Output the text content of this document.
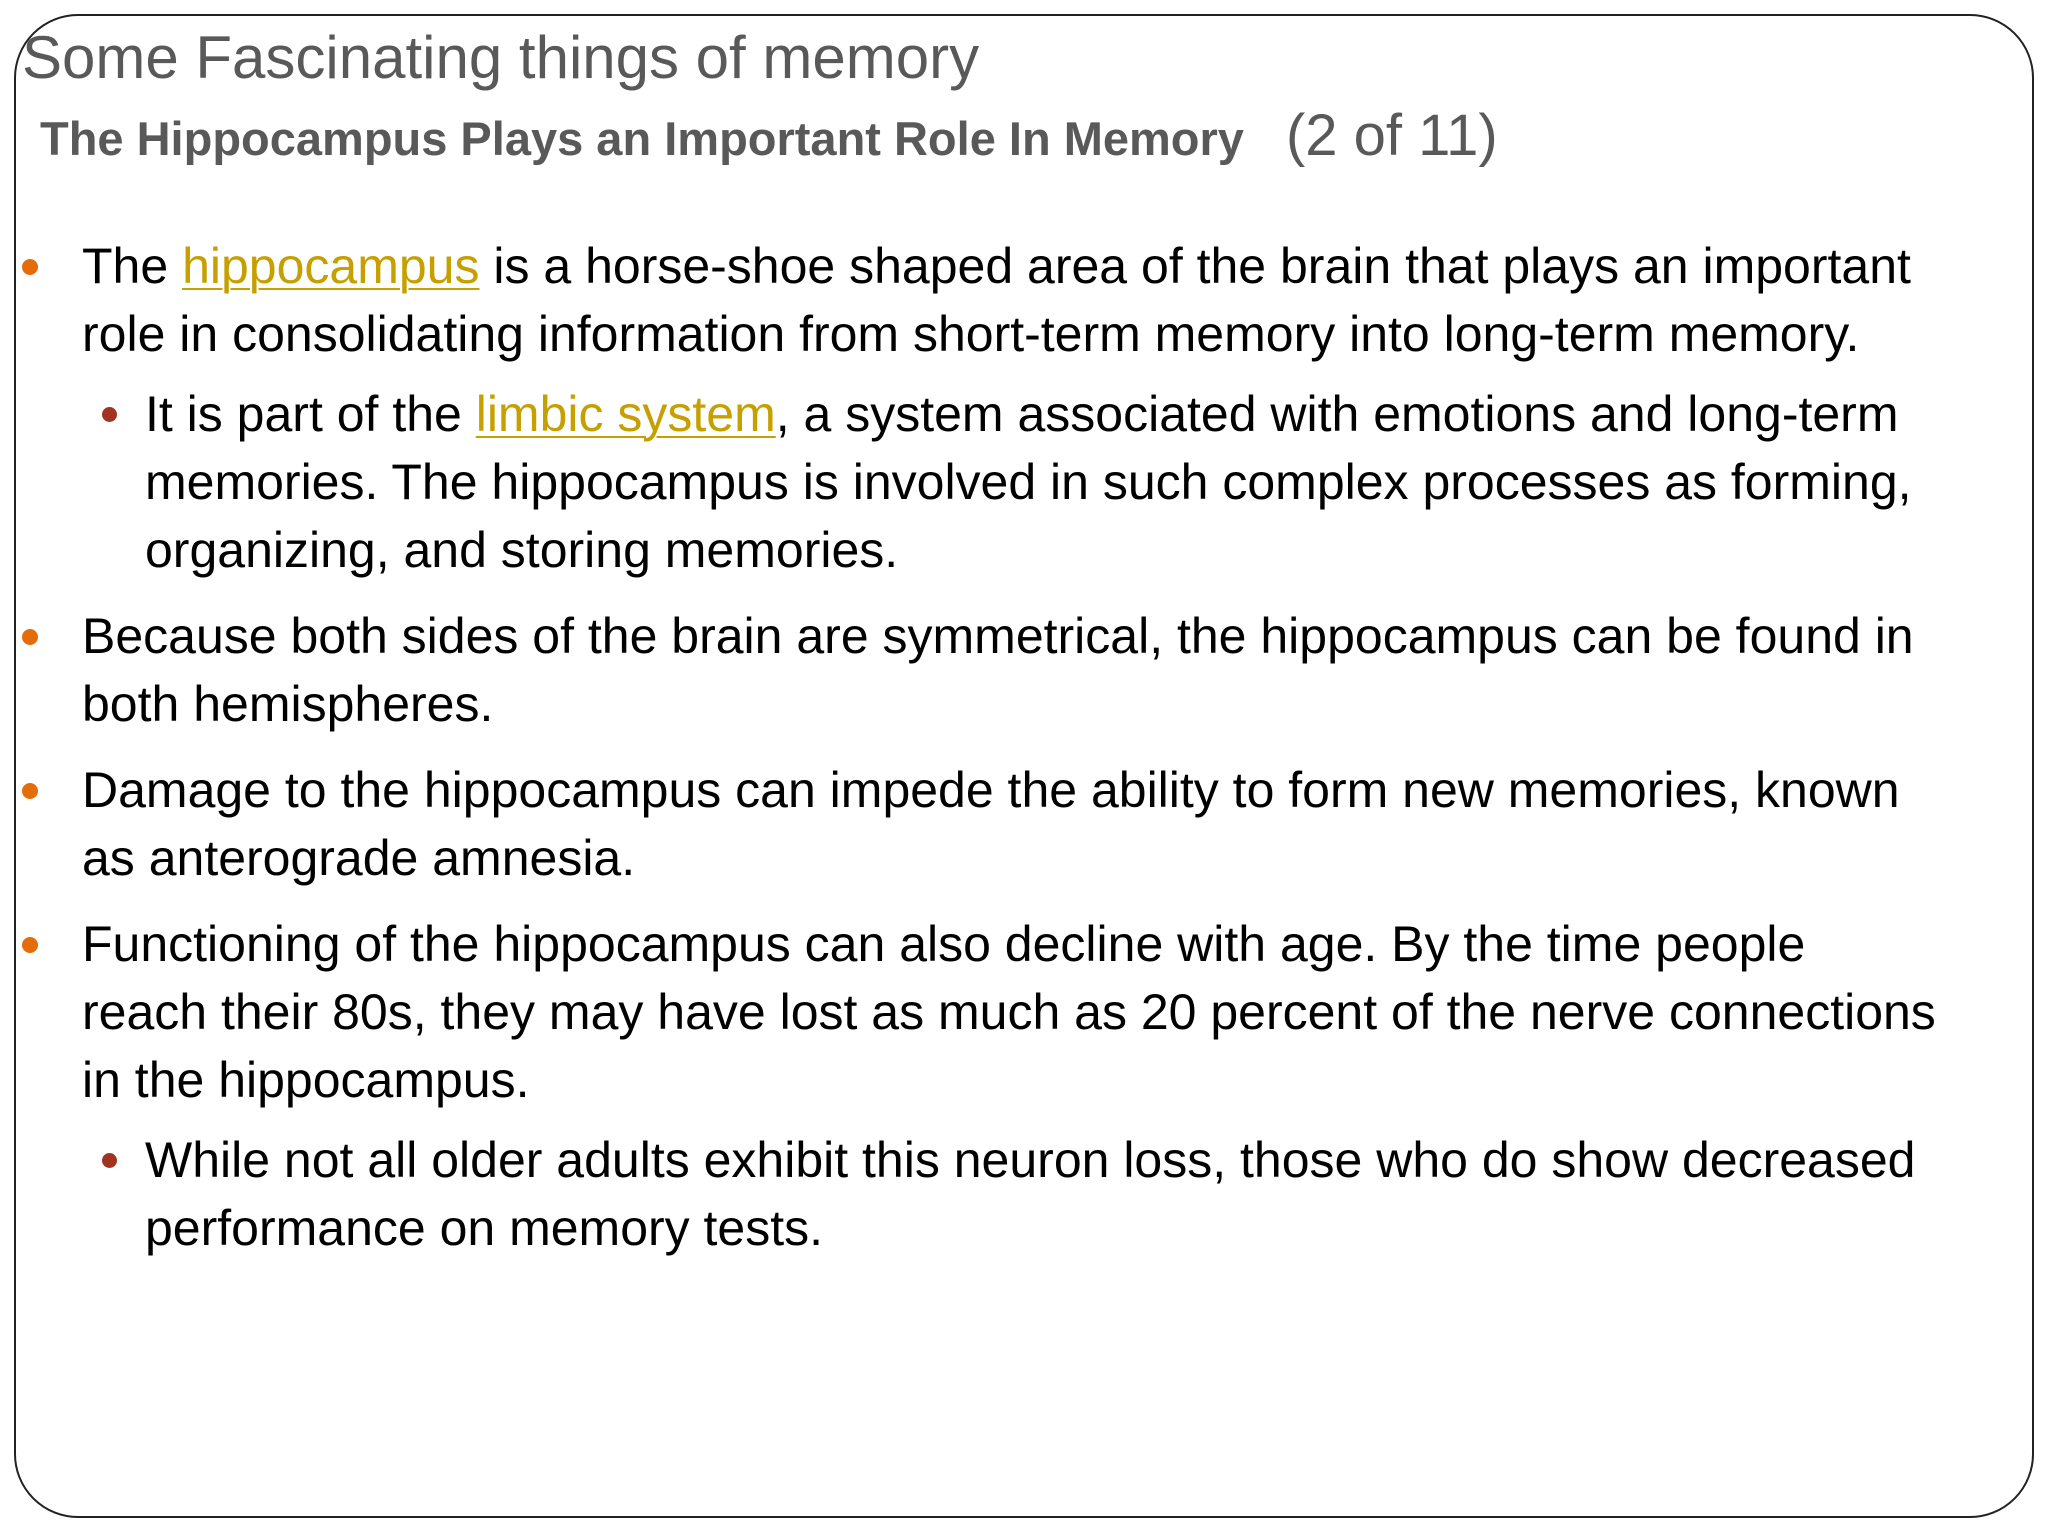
Some Fascinating things of memory
The Hippocampus Plays an Important Role In Memory (2 of 11)
The hippocampus is a horse-shoe shaped area of the brain that plays an important role in consolidating information from short-term memory into long-term memory.
It is part of the limbic system, a system associated with emotions and long-term memories. The hippocampus is involved in such complex processes as forming, organizing, and storing memories.
Because both sides of the brain are symmetrical, the hippocampus can be found in both hemispheres.
Damage to the hippocampus can impede the ability to form new memories, known as anterograde amnesia.
Functioning of the hippocampus can also decline with age. By the time people reach their 80s, they may have lost as much as 20 percent of the nerve connections in the hippocampus.
While not all older adults exhibit this neuron loss, those who do show decreased performance on memory tests.
